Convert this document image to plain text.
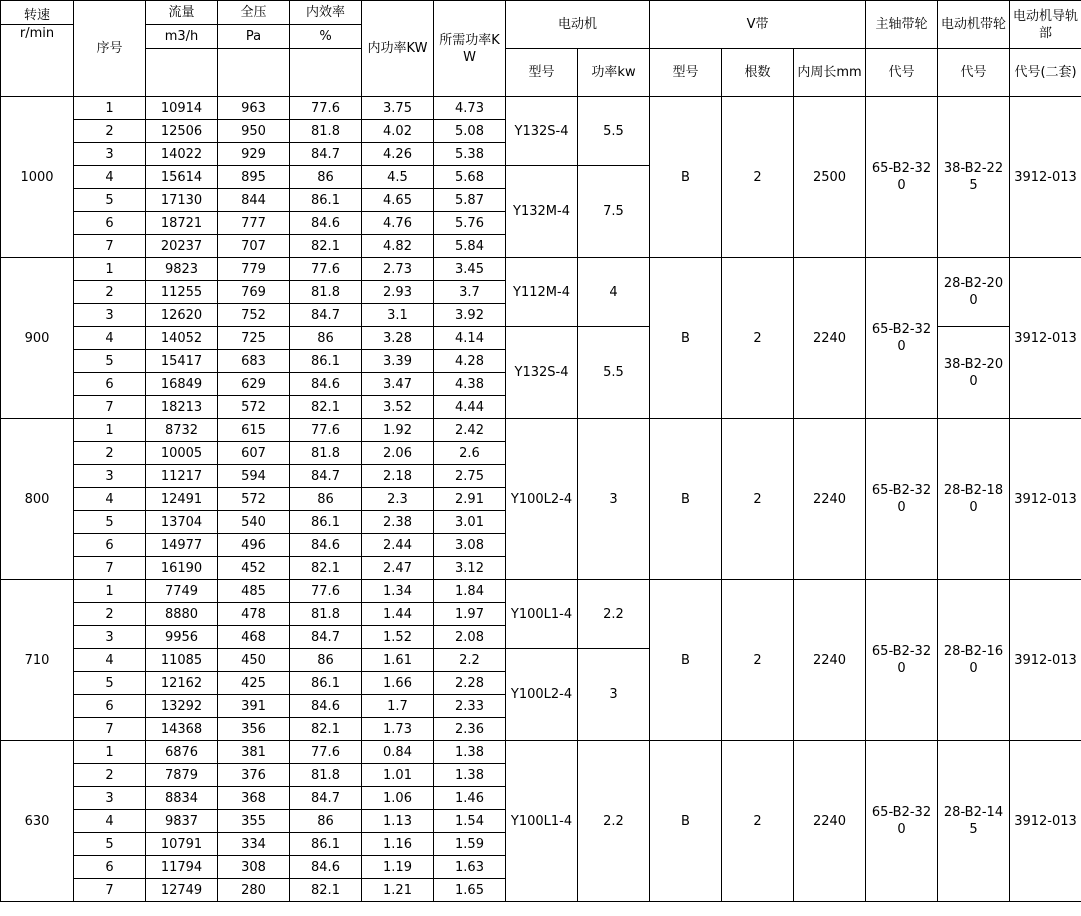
转速	序号	流量	全压	内效率	内功率KW	所需功率KW	电动机		V带			主轴带轮	电动机带轮	电动机导轨部
r/min		m3/h	Pa	%										
							型号	功率kw	型号	根数	内周长mm	代号	代号	代号(二套)
1000	1	10914	963	77.6	3.75	4.73	Y132S-4	5.5	B	2	2500	65-B2-320	38-B2-225	3912-013
	2	12506	950	81.8	4.02	5.08								
	3	14022	929	84.7	4.26	5.38								
	4	15614	895	86	4.5	5.68	Y132M-4	7.5						
	5	17130	844	86.1	4.65	5.87								
	6	18721	777	84.6	4.76	5.76								
	7	20237	707	82.1	4.82	5.84								
900	1	9823	779	77.6	2.73	3.45	Y112M-4	4	B	2	2240	65-B2-320	28-B2-200	3912-013
	2	11255	769	81.8	2.93	3.7								
	3	12620	752	84.7	3.1	3.92								
	4	14052	725	86	3.28	4.14	Y132S-4	5.5					38-B2-200	
	5	15417	683	86.1	3.39	4.28								
	6	16849	629	84.6	3.47	4.38								
	7	18213	572	82.1	3.52	4.44								
800	1	8732	615	77.6	1.92	2.42	Y100L2-4	3	B	2	2240	65-B2-320	28-B2-180	3912-013
	2	10005	607	81.8	2.06	2.6								
	3	11217	594	84.7	2.18	2.75								
	4	12491	572	86	2.3	2.91								
	5	13704	540	86.1	2.38	3.01								
	6	14977	496	84.6	2.44	3.08								
	7	16190	452	82.1	2.47	3.12								
710	1	7749	485	77.6	1.34	1.84	Y100L1-4	2.2	B	2	2240	65-B2-320	28-B2-160	3912-013
	2	8880	478	81.8	1.44	1.97								
	3	9956	468	84.7	1.52	2.08								
	4	11085	450	86	1.61	2.2	Y100L2-4	3						
	5	12162	425	86.1	1.66	2.28								
	6	13292	391	84.6	1.7	2.33								
	7	14368	356	82.1	1.73	2.36								
630	1	6876	381	77.6	0.84	1.38	Y100L1-4	2.2	B	2	2240	65-B2-320	28-B2-145	3912-013
	2	7879	376	81.8	1.01	1.38								
	3	8834	368	84.7	1.06	1.46								
	4	9837	355	86	1.13	1.54								
	5	10791	334	86.1	1.16	1.59								
	6	11794	308	84.6	1.19	1.63								
	7	12749	280	82.1	1.21	1.65								
